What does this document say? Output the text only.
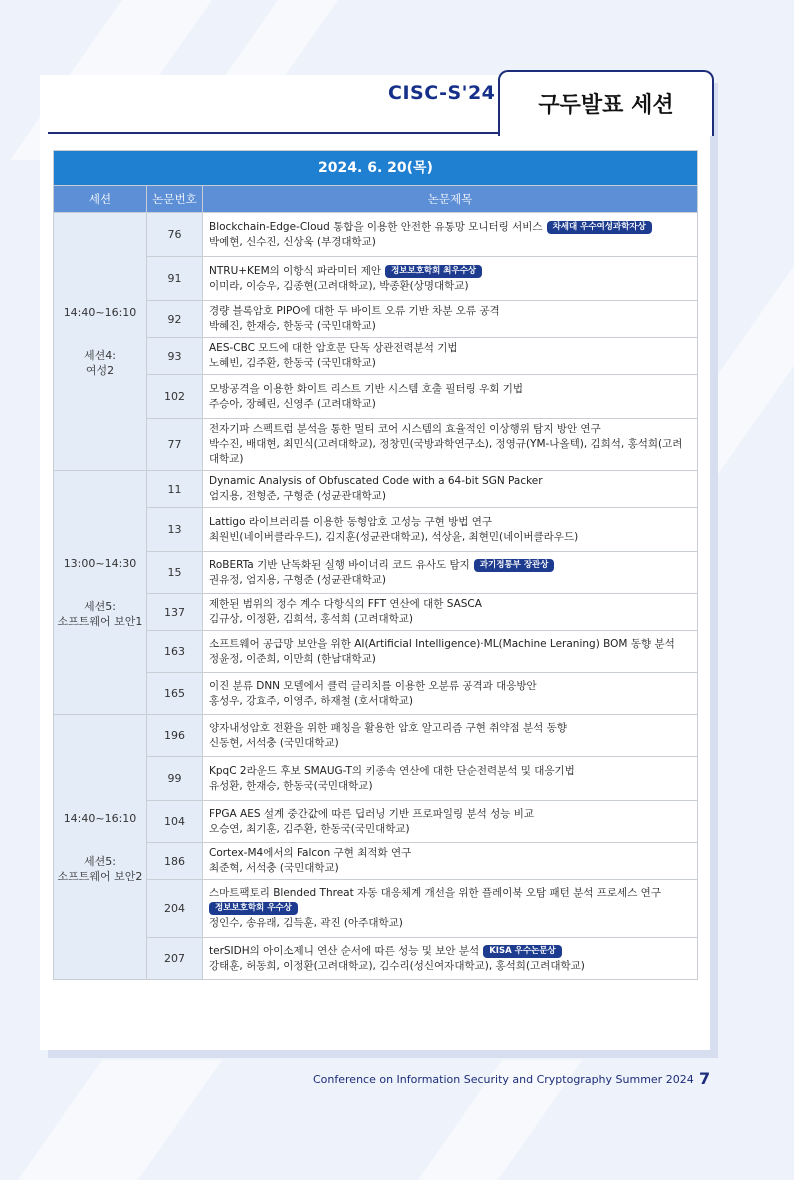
CISC-S'24	구두발표 세션
2024. 6. 20(목)		
세션	논문번호	논문제목

14:40~16:10
세션4:
여성2	76	Blockchain-Edge-Cloud 통합을 이용한 안전한 유통망 모니터링 서비스 차세대 우수여성과학자상
박예현, 신수진, 신상욱 (부경대학교)

	91	NTRU+KEM의 이항식 파라미터 제안 정보보호학회 최우수상
이미라, 이승우, 김종현(고려대학교), 박종환(상명대학교)

	92	경량 블록암호 PIPO에 대한 두 바이트 오류 기반 차분 오류 공격
박혜진, 한재승, 한동국 (국민대학교)

	93	AES-CBC 모드에 대한 암호문 단독 상관전력분석 기법
노혜빈, 김주환, 한동국 (국민대학교)

	102	모방공격을 이용한 화이트 리스트 기반 시스템 호출 필터링 우회 기법
주승아, 장혜린, 신영주 (고려대학교)

	77	전자기파 스펙트럼 분석을 통한 멀티 코어 시스템의 효율적인 이상행위 탐지 방안 연구
박수진, 배대현, 최민식(고려대학교), 정창민(국방과학연구소), 정영규(YM-나올텍), 김희석, 홍석희(고려대학교)

13:00~14:30
세션5:
소프트웨어 보안1	11	Dynamic Analysis of Obfuscated Code with a 64-bit SGN Packer
엄지용, 전형준, 구형준 (성균관대학교)

	13	Lattigo 라이브러리를 이용한 동형암호 고성능 구현 방법 연구
최원빈(네이버클라우드), 김지훈(성균관대학교), 석상윤, 최현민(네이버클라우드)

	15	RoBERTa 기반 난독화된 실행 바이너리 코드 유사도 탐지 과기정통부 장관상
권유정, 엄지용, 구형준 (성균관대학교)

	137	제한된 범위의 정수 계수 다항식의 FFT 연산에 대한 SASCA
김규상, 이정환, 김희석, 홍석희 (고려대학교)

	163	소프트웨어 공급망 보안을 위한 AI(Artificial Intelligence)·ML(Machine Leraning) BOM 동향 분석
정윤정, 이준희, 이만희 (한남대학교)

	165	이진 분류 DNN 모델에서 클럭 글리치를 이용한 오분류 공격과 대응방안
홍성우, 강효주, 이영주, 하재철 (호서대학교)

14:40~16:10
세션5:
소프트웨어 보안2	196	양자내성암호 전환을 위한 패칭을 활용한 암호 알고리즘 구현 취약점 분석 동향
신동현, 서석충 (국민대학교)

	99	KpqC 2라운드 후보 SMAUG-T의 키종속 연산에 대한 단순전력분석 및 대응기법
유성환, 한재승, 한동국(국민대학교)

	104	FPGA AES 설계 중간값에 따른 딥러닝 기반 프로파일링 분석 성능 비교
오승연, 최기훈, 김주환, 한동국(국민대학교)

	186	Cortex-M4에서의 Falcon 구현 최적화 연구
최준혁, 서석충 (국민대학교)

	204	스마트팩토리 Blended Threat 자동 대응체계 개선을 위한 플레이북 오탐 패턴 분석 프로세스 연구
정보보호학회 우수상
정인수, 송유래, 김득훈, 곽진 (아주대학교)

	207	terSIDH의 아이소제니 연산 순서에 따른 성능 및 보안 분석 KISA 우수논문상
강태훈, 허동희, 이정환(고려대학교), 김수리(성신여자대학교), 홍석희(고려대학교)
Conference on Information Security and Cryptography Summer 2024 7
